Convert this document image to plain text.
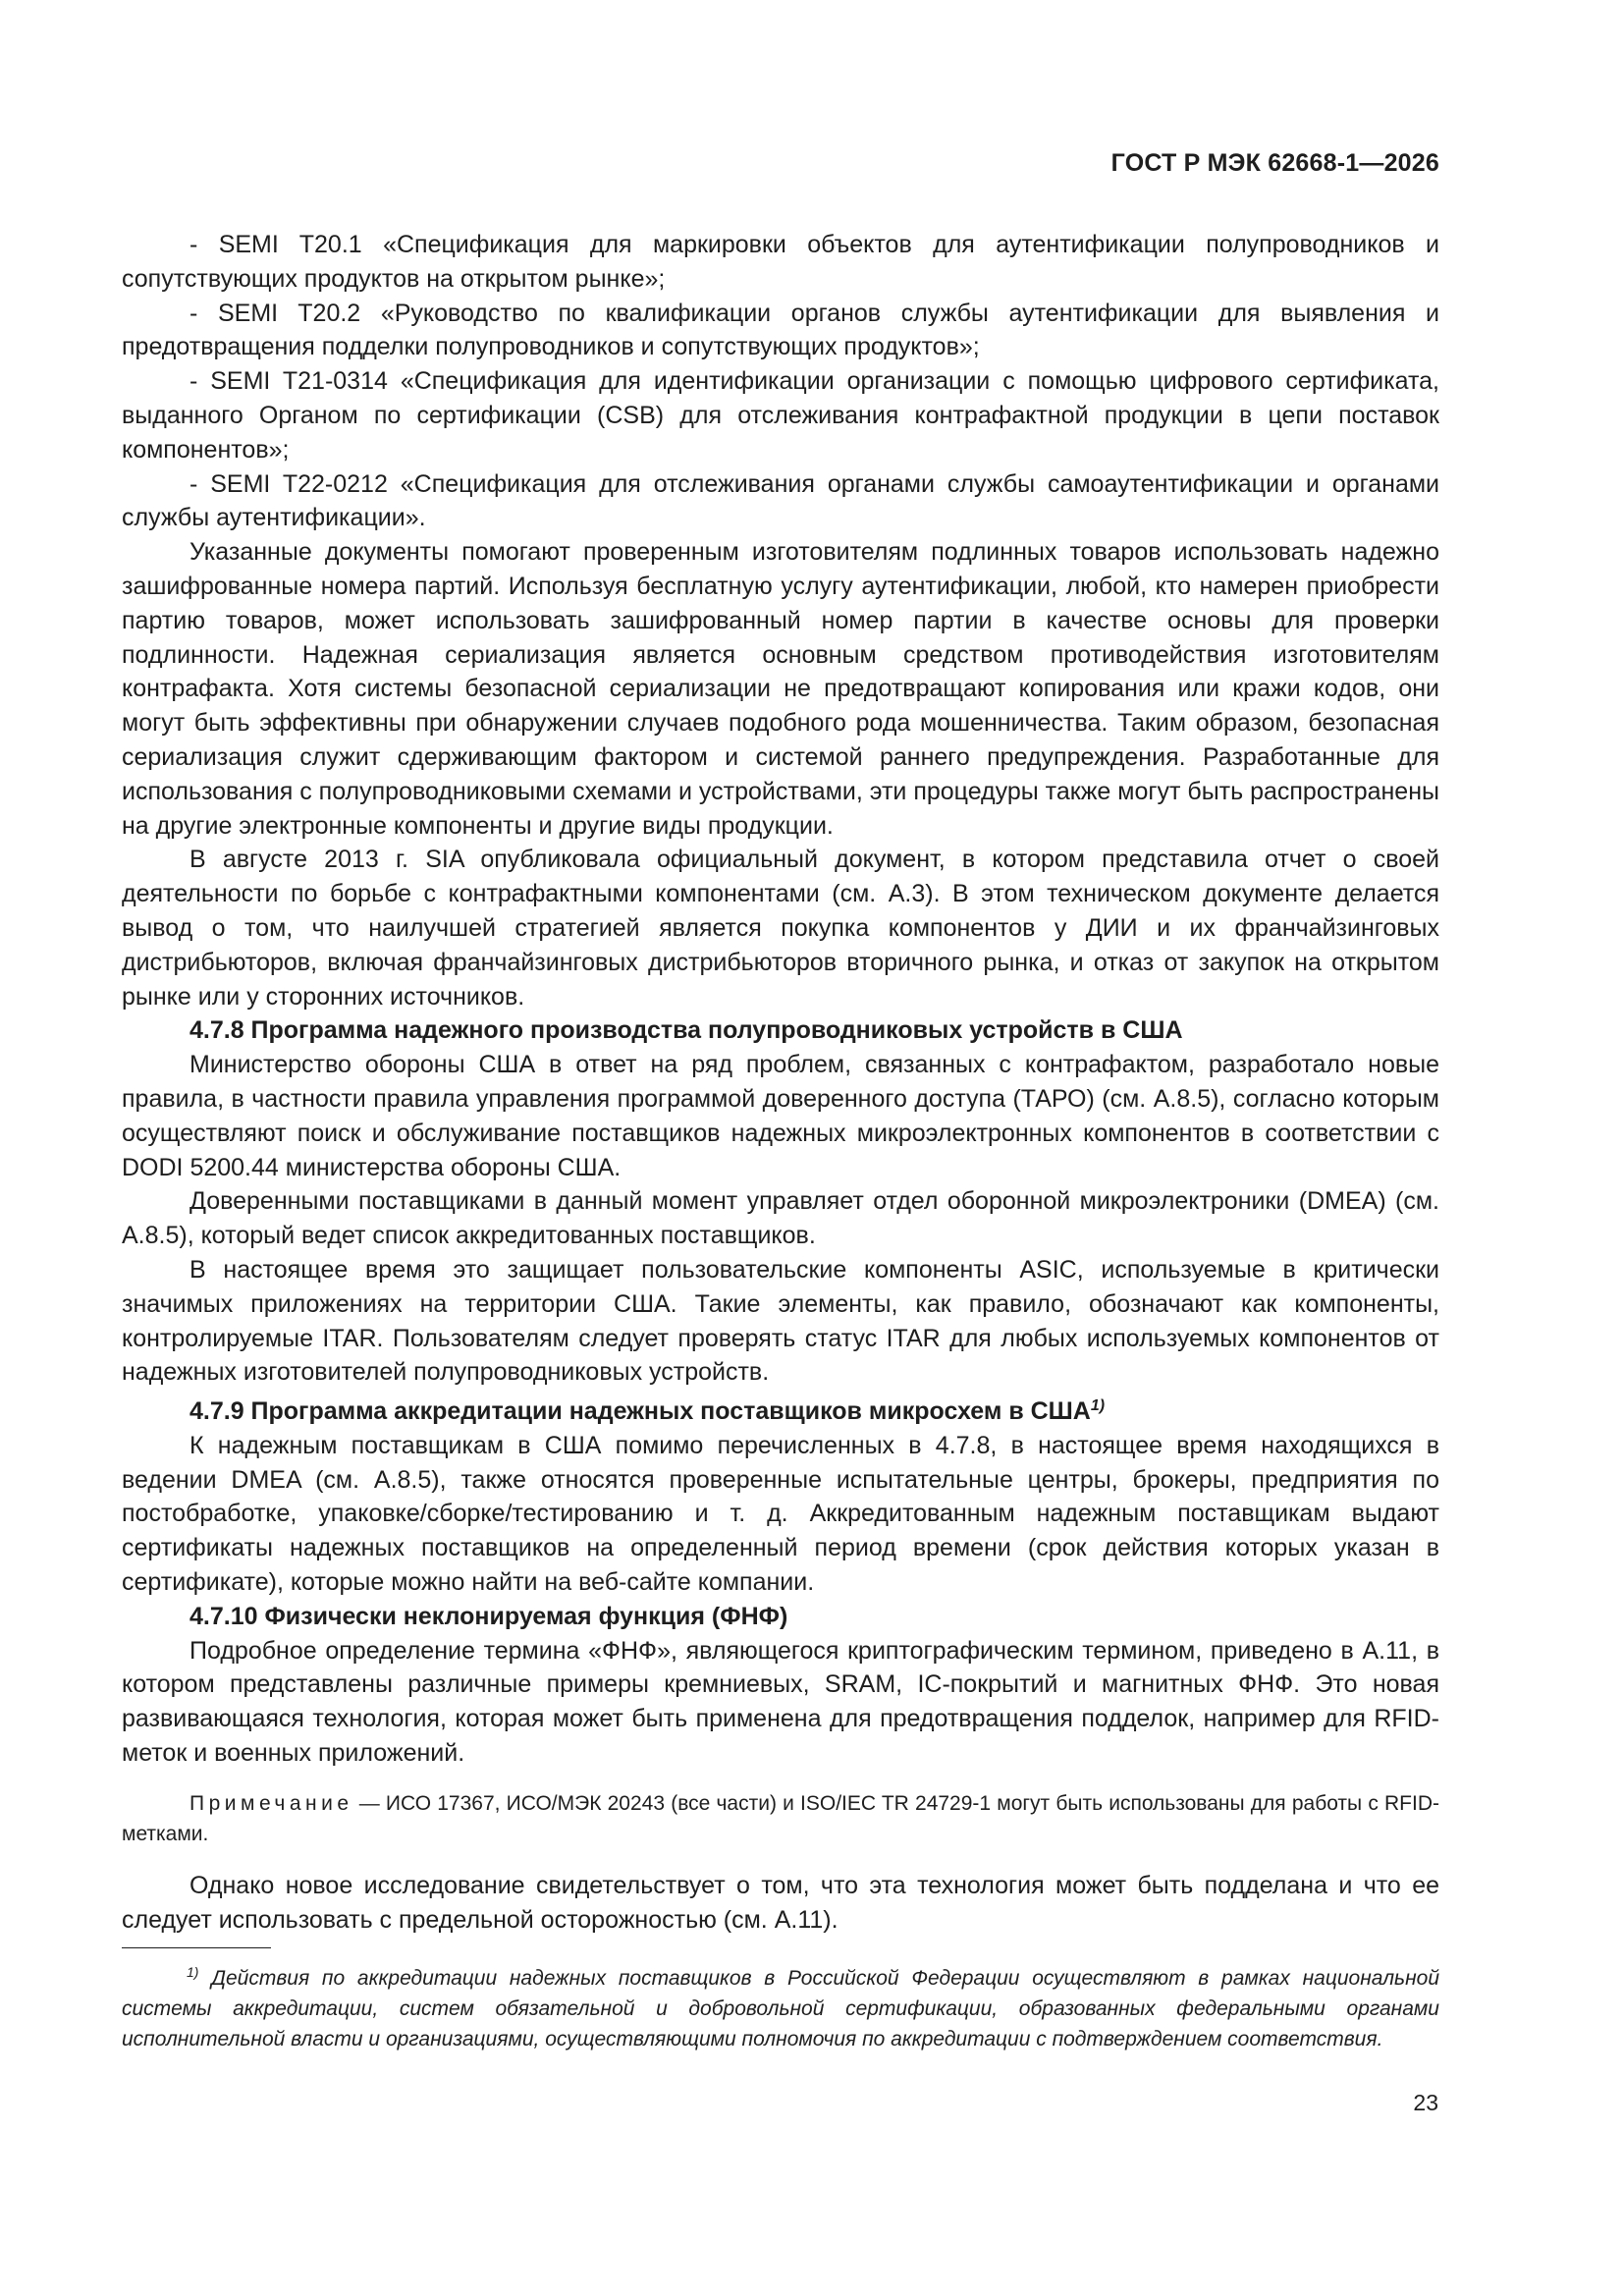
ГОСТ Р МЭК 62668-1—2026

- SEMI T20.1 «Спецификация для маркировки объектов для аутентификации полупроводников и сопутствующих продуктов на открытом рынке»;

- SEMI T20.2 «Руководство по квалификации органов службы аутентификации для выявления и предотвращения подделки полупроводников и сопутствующих продуктов»;

- SEMI T21-0314 «Спецификация для идентификации организации с помощью цифрового сертификата, выданного Органом по сертификации (CSB) для отслеживания контрафактной продукции в цепи поставок компонентов»;

- SEMI T22-0212 «Спецификация для отслеживания органами службы самоаутентификации и органами службы аутентификации».

Указанные документы помогают проверенным изготовителям подлинных товаров использовать надежно зашифрованные номера партий. Используя бесплатную услугу аутентификации, любой, кто намерен приобрести партию товаров, может использовать зашифрованный номер партии в качестве основы для проверки подлинности. Надежная сериализация является основным средством противодействия изготовителям контрафакта. Хотя системы безопасной сериализации не предотвращают копирования или кражи кодов, они могут быть эффективны при обнаружении случаев подобного рода мошенничества. Таким образом, безопасная сериализация служит сдерживающим фактором и системой раннего предупреждения. Разработанные для использования с полупроводниковыми схемами и устройствами, эти процедуры также могут быть распространены на другие электронные компоненты и другие виды продукции.

В августе 2013 г. SIA опубликовала официальный документ, в котором представила отчет о своей деятельности по борьбе с контрафактными компонентами (см. А.3). В этом техническом документе делается вывод о том, что наилучшей стратегией является покупка компонентов у ДИИ и их франчайзинговых дистрибьюторов, включая франчайзинговых дистрибьюторов вторичного рынка, и отказ от закупок на открытом рынке или у сторонних источников.

4.7.8 Программа надежного производства полупроводниковых устройств в США

Министерство обороны США в ответ на ряд проблем, связанных с контрафактом, разработало новые правила, в частности правила управления программой доверенного доступа (ТАРО) (см. А.8.5), согласно которым осуществляют поиск и обслуживание поставщиков надежных микроэлектронных компонентов в соответствии с DODI 5200.44 министерства обороны США.

Доверенными поставщиками в данный момент управляет отдел оборонной микроэлектроники (DMEA) (см. А.8.5), который ведет список аккредитованных поставщиков.

В настоящее время это защищает пользовательские компоненты ASIC, используемые в критически значимых приложениях на территории США. Такие элементы, как правило, обозначают как компоненты, контролируемые ITAR. Пользователям следует проверять статус ITAR для любых используемых компонентов от надежных изготовителей полупроводниковых устройств.

4.7.9 Программа аккредитации надежных поставщиков микросхем в США$^{1)}$

К надежным поставщикам в США помимо перечисленных в 4.7.8, в настоящее время находящихся в ведении DMEA (см. А.8.5), также относятся проверенные испытательные центры, брокеры, предприятия по постобработке, упаковке/сборке/тестированию и т. д. Аккредитованным надежным поставщикам выдают сертификаты надежных поставщиков на определенный период времени (срок действия которых указан в сертификате), которые можно найти на веб-сайте компании.

4.7.10 Физически неклонируемая функция (ФНФ)

Подробное определение термина «ФНФ», являющегося криптографическим термином, приведено в А.11, в котором представлены различные примеры кремниевых, SRAM, IC-покрытий и магнитных ФНФ. Это новая развивающаяся технология, которая может быть применена для предотвращения подделок, например для RFID-меток и военных приложений.

Примечание — ИСО 17367, ИСО/МЭК 20243 (все части) и ISO/IEC TR 24729-1 могут быть использованы для работы с RFID-метками.

Однако новое исследование свидетельствует о том, что эта технология может быть подделана и что ее следует использовать с предельной осторожностью (см. А.11).

$^{1)}$ Действия по аккредитации надежных поставщиков в Российской Федерации осуществляют в рамках национальной системы аккредитации, систем обязательной и добровольной сертификации, образованных федеральными органами исполнительной власти и организациями, осуществляющими полномочия по аккредитации с подтверждением соответствия.
23
